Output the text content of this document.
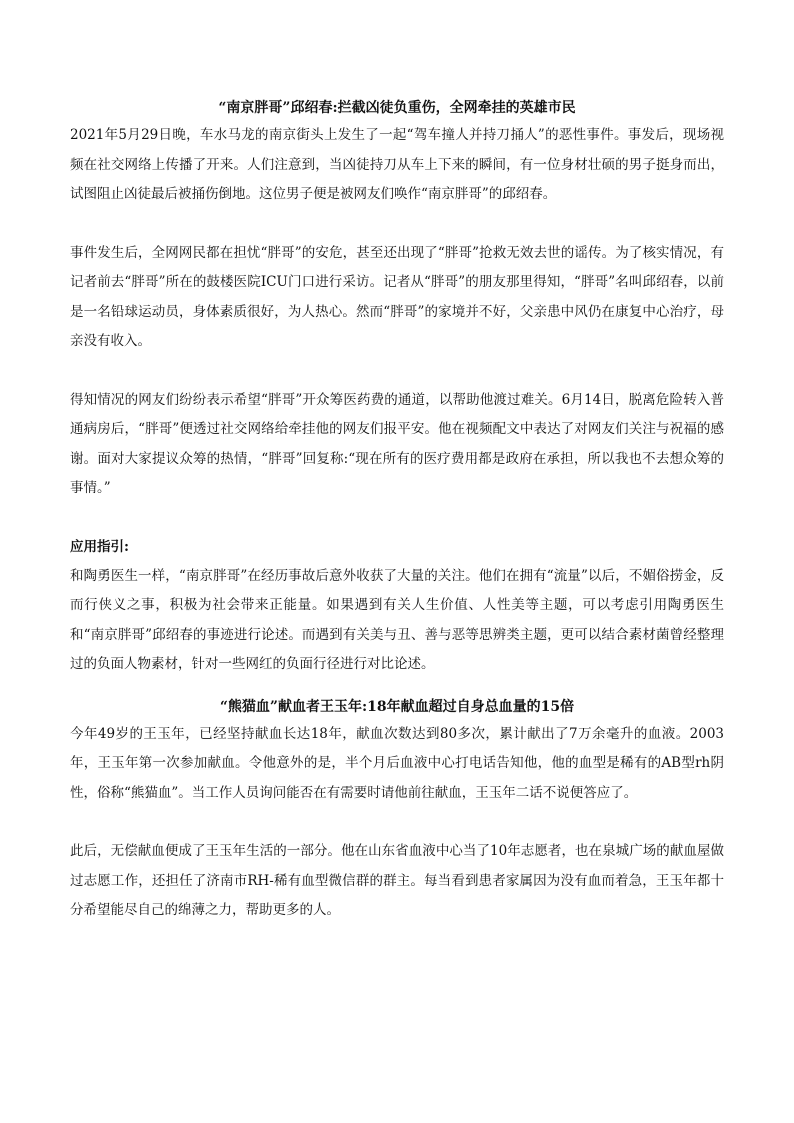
“南京胖哥”邱绍春:拦截凶徒负重伤，全网牵挂的英雄市民

2021年5月29日晚，车水马龙的南京街头上发生了一起“驾车撞人并持刀捅人”的恶性事件。事发后，现场视频在社交网络上传播了开来。人们注意到，当凶徒持刀从车上下来的瞬间，有一位身材壮硕的男子挺身而出，试图阻止凶徒最后被捅伤倒地。这位男子便是被网友们唤作“南京胖哥”的邱绍春。

事件发生后，全网网民都在担忧“胖哥”的安危，甚至还出现了“胖哥”抢救无效去世的谣传。为了核实情况，有记者前去“胖哥”所在的鼓楼医院ICU门口进行采访。记者从“胖哥”的朋友那里得知，“胖哥”名叫邱绍春，以前是一名铅球运动员，身体素质很好，为人热心。然而“胖哥”的家境并不好，父亲患中风仍在康复中心治疗，母亲没有收入。

得知情况的网友们纷纷表示希望“胖哥”开众筹医药费的通道，以帮助他渡过难关。6月14日，脱离危险转入普通病房后，“胖哥”便透过社交网络给牵挂他的网友们报平安。他在视频配文中表达了对网友们关注与祝福的感谢。面对大家提议众筹的热情，“胖哥”回复称:“现在所有的医疗费用都是政府在承担，所以我也不去想众筹的事情。”

应用指引:

和陶勇医生一样，“南京胖哥”在经历事故后意外收获了大量的关注。他们在拥有“流量”以后，不媚俗捞金，反而行侠义之事，积极为社会带来正能量。如果遇到有关人生价值、人性美等主题，可以考虑引用陶勇医生和“南京胖哥”邱绍春的事迹进行论述。而遇到有关美与丑、善与恶等思辨类主题，更可以结合素材菌曾经整理过的负面人物素材，针对一些网红的负面行径进行对比论述。

“熊猫血”献血者王玉年:18年献血超过自身总血量的15倍

今年49岁的王玉年，已经坚持献血长达18年，献血次数达到80多次，累计献出了7万余毫升的血液。2003年，王玉年第一次参加献血。令他意外的是，半个月后血液中心打电话告知他，他的血型是稀有的AB型rh阴性，俗称“熊猫血”。当工作人员询问能否在有需要时请他前往献血，王玉年二话不说便答应了。

此后，无偿献血便成了王玉年生活的一部分。他在山东省血液中心当了10年志愿者，也在泉城广场的献血屋做过志愿工作，还担任了济南市RH-稀有血型微信群的群主。每当看到患者家属因为没有血而着急，王玉年都十分希望能尽自己的绵薄之力，帮助更多的人。
